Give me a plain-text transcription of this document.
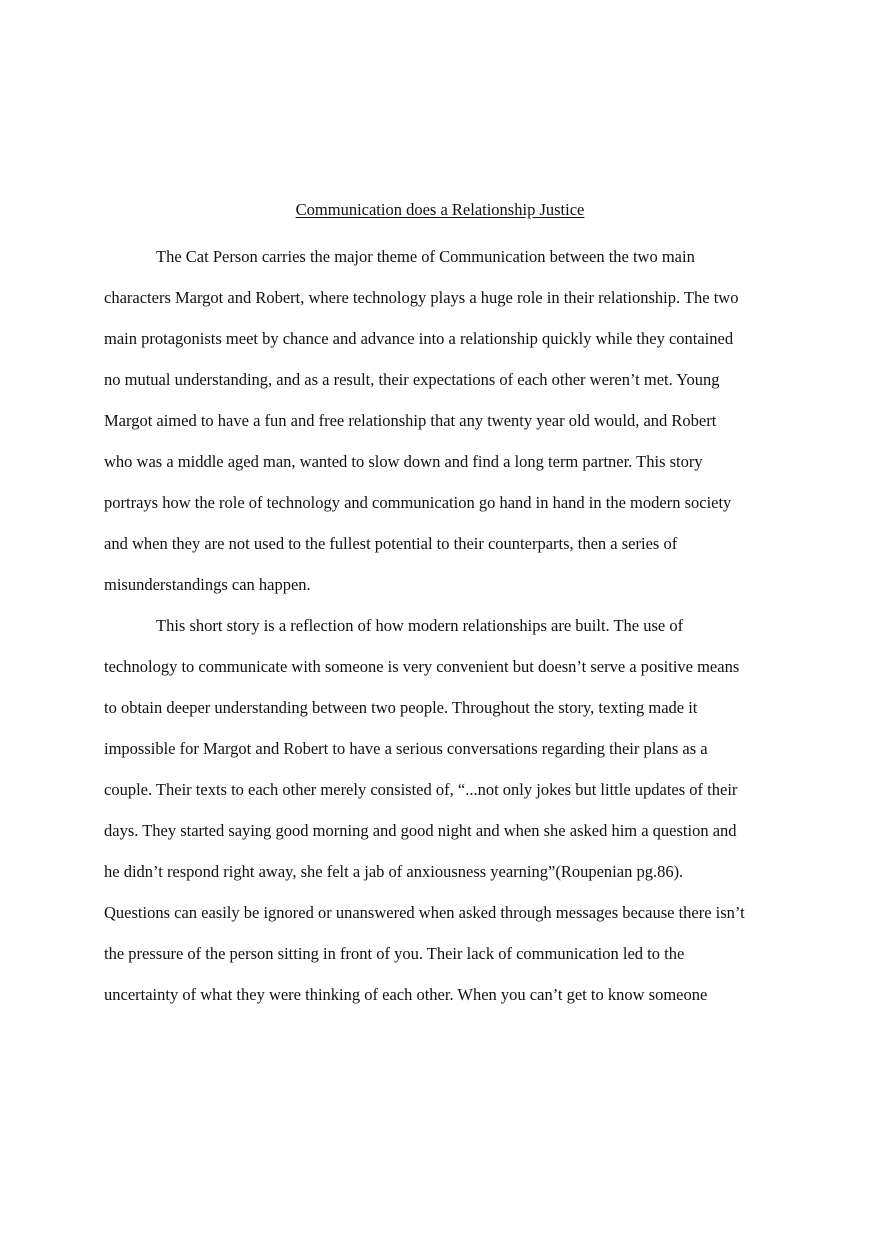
Communication does a Relationship Justice
The Cat Person carries the major theme of Communication between the two main
characters Margot and Robert, where technology plays a huge role in their relationship. The two
main protagonists meet by chance and advance into a relationship quickly while they contained
no mutual understanding, and as a result, their expectations of each other weren’t met. Young
Margot aimed to have a fun and free relationship that any twenty year old would, and Robert
who was a middle aged man, wanted to slow down and find a long term partner. This story
portrays how the role of technology and communication go hand in hand in the modern society
and when they are not used to the fullest potential to their counterparts, then a series of
misunderstandings can happen.
This short story is a reflection of how modern relationships are built. The use of
technology to communicate with someone is very convenient but doesn’t serve a positive means
to obtain deeper understanding between two people. Throughout the story, texting made it
impossible for Margot and Robert to have a serious conversations regarding their plans as a
couple. Their texts to each other merely consisted of, “...not only jokes but little updates of their
days. They started saying good morning and good night and when she asked him a question and
he didn’t respond right away, she felt a jab of anxiousness yearning”(Roupenian pg.86).
Questions can easily be ignored or unanswered when asked through messages because there isn’t
the pressure of the person sitting in front of you. Their lack of communication led to the
uncertainty of what they were thinking of each other. When you can’t get to know someone
